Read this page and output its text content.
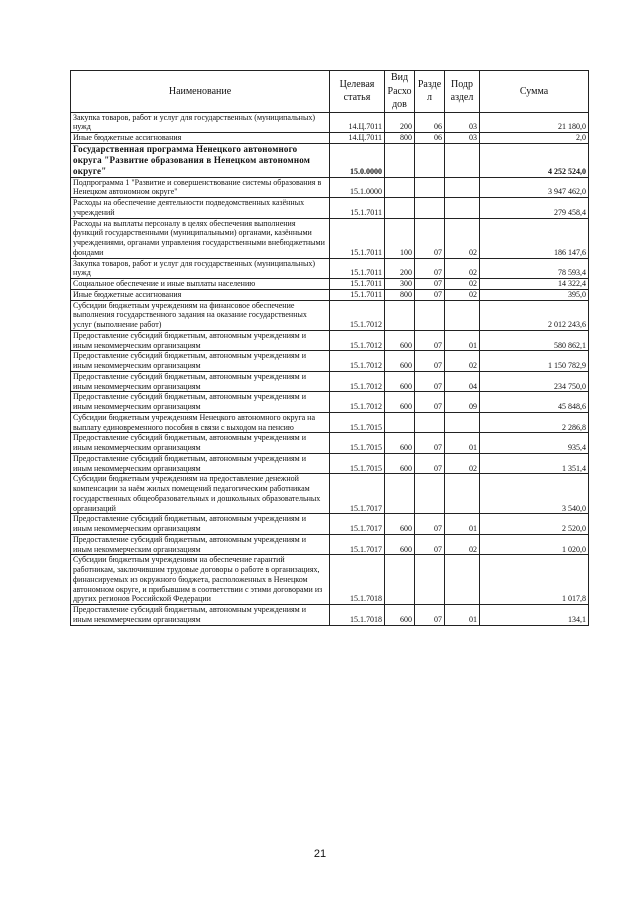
Наименование	Целевая статья	Вид Расхо дов	Разде л	Подр аздел	Сумма
Закупка товаров, работ и услуг для государственных (муниципальных) нужд	14.Ц.7011	200	06	03	21 180,0
Иные бюджетные ассигнования	14.Ц.7011	800	06	03	2,0
Государственная программа Ненецкого автономного округа "Развитие образования в Ненецком автономном округе"	15.0.0000				4 252 524,0
Подпрограмма 1 "Развитие и совершенствование системы образования в Ненецком автономном округе"	15.1.0000				3 947 462,0
Расходы на обеспечение деятельности подведомственных казённых учреждений	15.1.7011				279 458,4
Расходы на выплаты персоналу в целях обеспечения выполнения функций государственными (муниципальными) органами, казёнными учреждениями, органами управления государственными внебюджетными фондами	15.1.7011	100	07	02	186 147,6
Закупка товаров, работ и услуг для государственных (муниципальных) нужд	15.1.7011	200	07	02	78 593,4
Социальное обеспечение и иные выплаты населению	15.1.7011	300	07	02	14 322,4
Иные бюджетные ассигнования	15.1.7011	800	07	02	395,0
Субсидии бюджетным учреждениям на финансовое обеспечение выполнения государственного задания на оказание государственных услуг (выполнение работ)	15.1.7012				2 012 243,6
Предоставление субсидий бюджетным, автономным учреждениям и иным некоммерческим организациям	15.1.7012	600	07	01	580 862,1
Предоставление субсидий бюджетным, автономным учреждениям и иным некоммерческим организациям	15.1.7012	600	07	02	1 150 782,9
Предоставление субсидий бюджетным, автономным учреждениям и иным некоммерческим организациям	15.1.7012	600	07	04	234 750,0
Предоставление субсидий бюджетным, автономным учреждениям и иным некоммерческим организациям	15.1.7012	600	07	09	45 848,6
Субсидии бюджетным учреждениям Ненецкого автономного округа на выплату единовременного пособия в связи с выходом на пенсию	15.1.7015				2 286,8
Предоставление субсидий бюджетным, автономным учреждениям и иным некоммерческим организациям	15.1.7015	600	07	01	935,4
Предоставление субсидий бюджетным, автономным учреждениям и иным некоммерческим организациям	15.1.7015	600	07	02	1 351,4
Субсидии бюджетным учреждениям на предоставление денежной компенсации за наём жилых помещений педагогическим работникам государственных общеобразовательных и дошкольных образовательных организаций	15.1.7017				3 540,0
Предоставление субсидий бюджетным, автономным учреждениям и иным некоммерческим организациям	15.1.7017	600	07	01	2 520,0
Предоставление субсидий бюджетным, автономным учреждениям и иным некоммерческим организациям	15.1.7017	600	07	02	1 020,0
Субсидии бюджетным учреждениям на обеспечение гарантий работникам, заключившим трудовые договоры о работе в организациях, финансируемых из окружного бюджета, расположенных в Ненецком автономном округе, и прибывшим в соответствии с этими договорами из других регионов Российской Федерации	15.1.7018				1 017,8
Предоставление субсидий бюджетным, автономным учреждениям и иным некоммерческим организациям	15.1.7018	600	07	01	134,1
21
